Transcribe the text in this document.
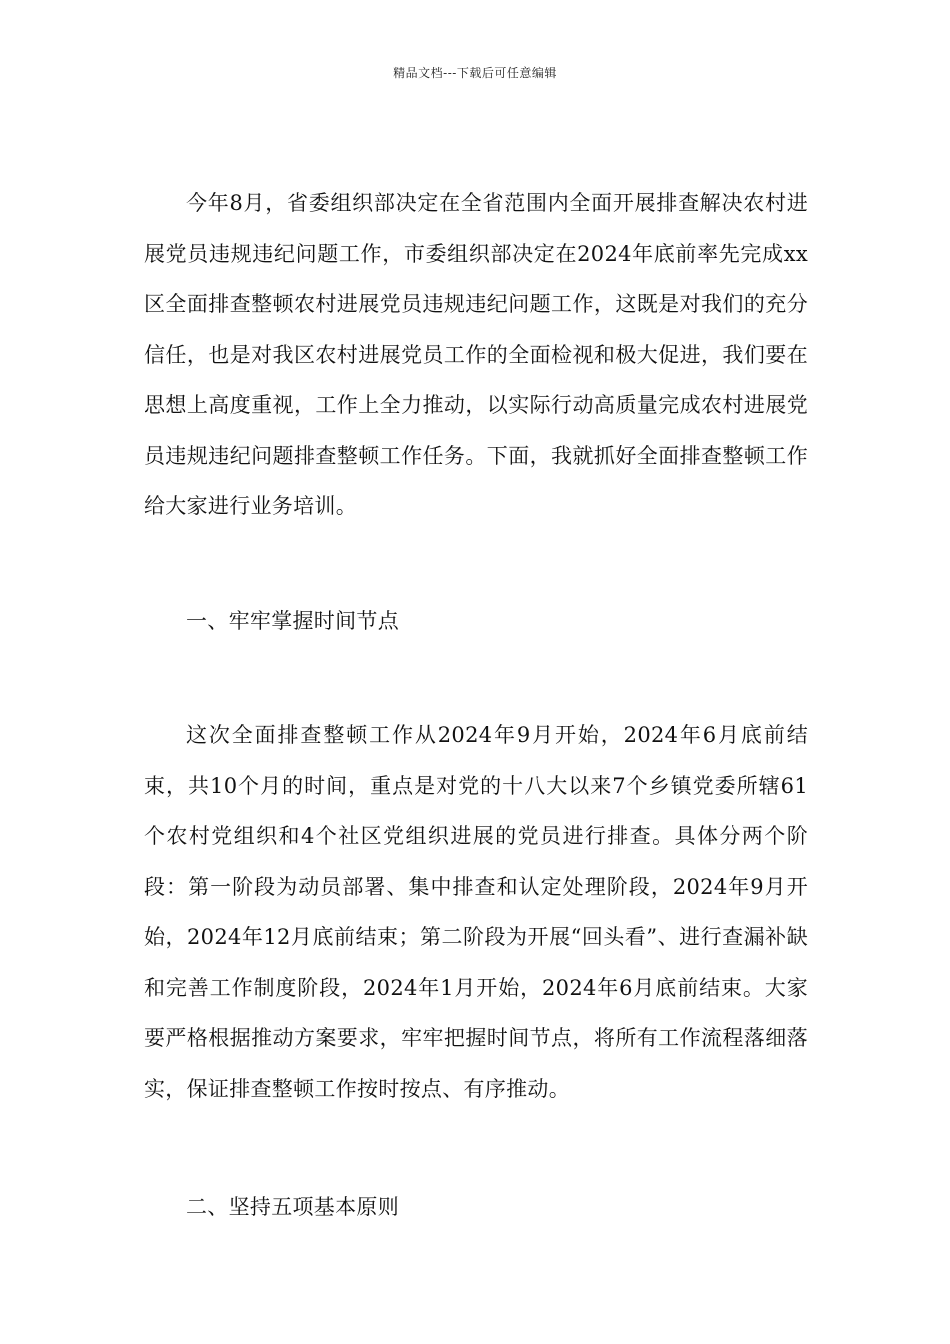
精品文档---下载后可任意编辑

今年8月，省委组织部决定在全省范围内全面开展排查解决农村进展党员违规违纪问题工作，市委组织部决定在2024年底前率先完成xx区全面排查整顿农村进展党员违规违纪问题工作，这既是对我们的充分信任，也是对我区农村进展党员工作的全面检视和极大促进，我们要在思想上高度重视，工作上全力推动，以实际行动高质量完成农村进展党员违规违纪问题排查整顿工作任务。下面，我就抓好全面排查整顿工作给大家进行业务培训。

一、牢牢掌握时间节点

这次全面排查整顿工作从2024年9月开始，2024年6月底前结束，共10个月的时间，重点是对党的十八大以来7个乡镇党委所辖61个农村党组织和4个社区党组织进展的党员进行排查。具体分两个阶段：第一阶段为动员部署、集中排查和认定处理阶段，2024年9月开始，2024年12月底前结束；第二阶段为开展“回头看”、进行查漏补缺和完善工作制度阶段，2024年1月开始，2024年6月底前结束。大家要严格根据推动方案要求，牢牢把握时间节点，将所有工作流程落细落实，保证排查整顿工作按时按点、有序推动。

二、坚持五项基本原则
